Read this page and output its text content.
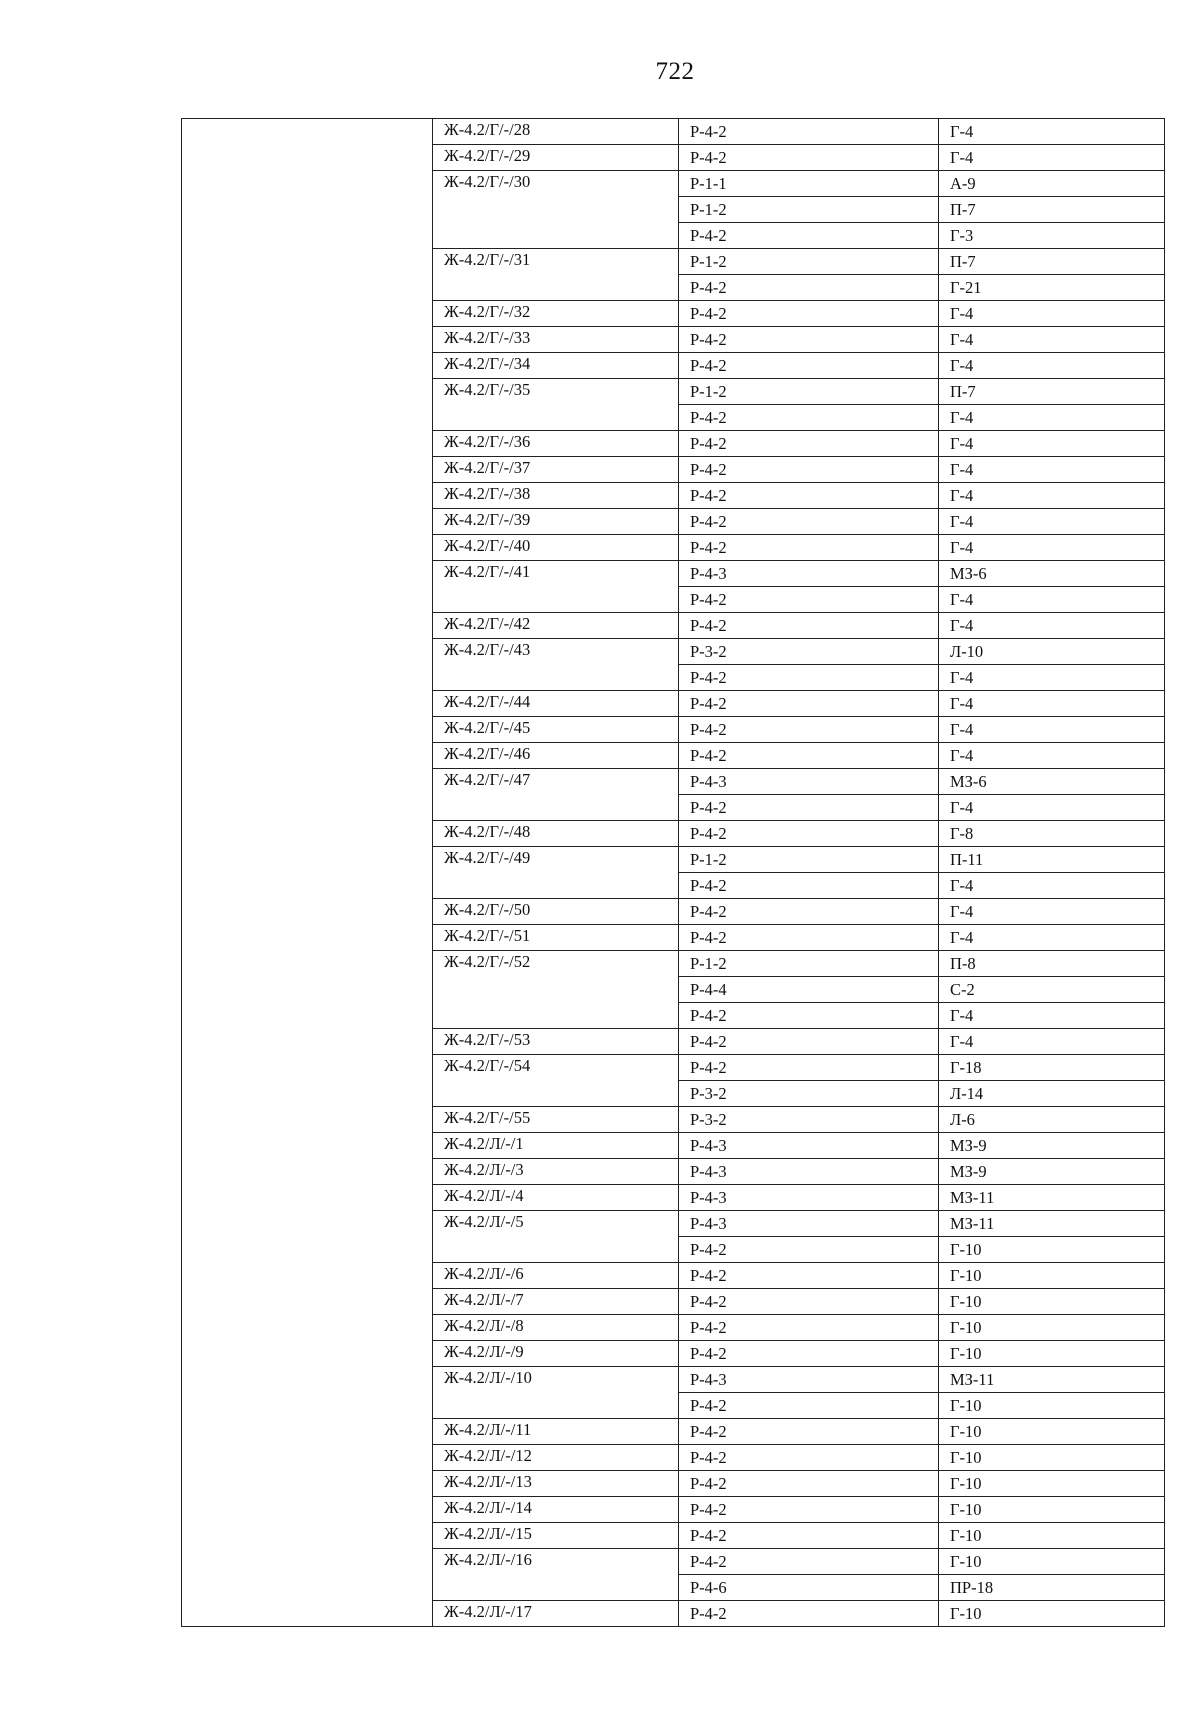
722
	Ж-4.2/Г/-/28	Р-4-2	Г-4
	Ж-4.2/Г/-/29	Р-4-2	Г-4
	Ж-4.2/Г/-/30	Р-1-1	А-9
		Р-1-2	П-7
		Р-4-2	Г-3
	Ж-4.2/Г/-/31	Р-1-2	П-7
		Р-4-2	Г-21
	Ж-4.2/Г/-/32	Р-4-2	Г-4
	Ж-4.2/Г/-/33	Р-4-2	Г-4
	Ж-4.2/Г/-/34	Р-4-2	Г-4
	Ж-4.2/Г/-/35	Р-1-2	П-7
		Р-4-2	Г-4
	Ж-4.2/Г/-/36	Р-4-2	Г-4
	Ж-4.2/Г/-/37	Р-4-2	Г-4
	Ж-4.2/Г/-/38	Р-4-2	Г-4
	Ж-4.2/Г/-/39	Р-4-2	Г-4
	Ж-4.2/Г/-/40	Р-4-2	Г-4
	Ж-4.2/Г/-/41	Р-4-3	МЗ-6
		Р-4-2	Г-4
	Ж-4.2/Г/-/42	Р-4-2	Г-4
	Ж-4.2/Г/-/43	Р-3-2	Л-10
		Р-4-2	Г-4
	Ж-4.2/Г/-/44	Р-4-2	Г-4
	Ж-4.2/Г/-/45	Р-4-2	Г-4
	Ж-4.2/Г/-/46	Р-4-2	Г-4
	Ж-4.2/Г/-/47	Р-4-3	МЗ-6
		Р-4-2	Г-4
	Ж-4.2/Г/-/48	Р-4-2	Г-8
	Ж-4.2/Г/-/49	Р-1-2	П-11
		Р-4-2	Г-4
	Ж-4.2/Г/-/50	Р-4-2	Г-4
	Ж-4.2/Г/-/51	Р-4-2	Г-4
	Ж-4.2/Г/-/52	Р-1-2	П-8
		Р-4-4	С-2
		Р-4-2	Г-4
	Ж-4.2/Г/-/53	Р-4-2	Г-4
	Ж-4.2/Г/-/54	Р-4-2	Г-18
		Р-3-2	Л-14
	Ж-4.2/Г/-/55	Р-3-2	Л-6
	Ж-4.2/Л/-/1	Р-4-3	МЗ-9
	Ж-4.2/Л/-/3	Р-4-3	МЗ-9
	Ж-4.2/Л/-/4	Р-4-3	МЗ-11
	Ж-4.2/Л/-/5	Р-4-3	МЗ-11
		Р-4-2	Г-10
	Ж-4.2/Л/-/6	Р-4-2	Г-10
	Ж-4.2/Л/-/7	Р-4-2	Г-10
	Ж-4.2/Л/-/8	Р-4-2	Г-10
	Ж-4.2/Л/-/9	Р-4-2	Г-10
	Ж-4.2/Л/-/10	Р-4-3	МЗ-11
		Р-4-2	Г-10
	Ж-4.2/Л/-/11	Р-4-2	Г-10
	Ж-4.2/Л/-/12	Р-4-2	Г-10
	Ж-4.2/Л/-/13	Р-4-2	Г-10
	Ж-4.2/Л/-/14	Р-4-2	Г-10
	Ж-4.2/Л/-/15	Р-4-2	Г-10
	Ж-4.2/Л/-/16	Р-4-2	Г-10
		Р-4-6	ПР-18
	Ж-4.2/Л/-/17	Р-4-2	Г-10
